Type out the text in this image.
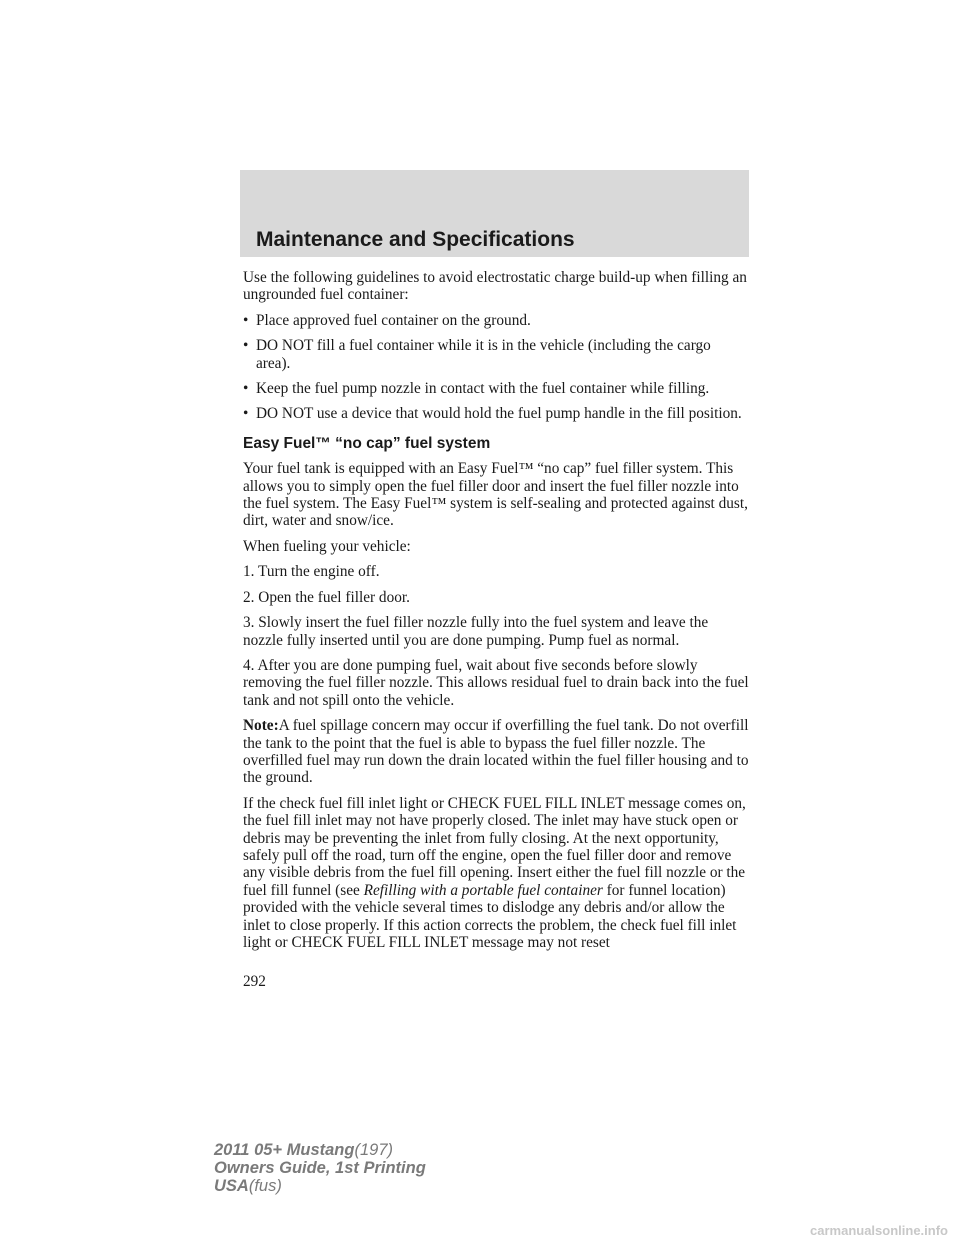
Maintenance and Specifications

Use the following guidelines to avoid electrostatic charge build-up when filling an ungrounded fuel container:

• Place approved fuel container on the ground.
• DO NOT fill a fuel container while it is in the vehicle (including the cargo area).
• Keep the fuel pump nozzle in contact with the fuel container while filling.
• DO NOT use a device that would hold the fuel pump handle in the fill position.
Easy Fuel™ “no cap” fuel system

Your fuel tank is equipped with an Easy Fuel™ “no cap” fuel filler system. This allows you to simply open the fuel filler door and insert the fuel filler nozzle into the fuel system. The Easy Fuel™ system is self-sealing and protected against dust, dirt, water and snow/ice.

When fueling your vehicle:

1. Turn the engine off.

2. Open the fuel filler door.

3. Slowly insert the fuel filler nozzle fully into the fuel system and leave the nozzle fully inserted until you are done pumping. Pump fuel as normal.

4. After you are done pumping fuel, wait about five seconds before slowly removing the fuel filler nozzle. This allows residual fuel to drain back into the fuel tank and not spill onto the vehicle.

Note:A fuel spillage concern may occur if overfilling the fuel tank. Do not overfill the tank to the point that the fuel is able to bypass the fuel filler nozzle. The overfilled fuel may run down the drain located within the fuel filler housing and to the ground.

If the check fuel fill inlet light or CHECK FUEL FILL INLET message comes on, the fuel fill inlet may not have properly closed. The inlet may have stuck open or debris may be preventing the inlet from fully closing. At the next opportunity, safely pull off the road, turn off the engine, open the fuel filler door and remove any visible debris from the fuel fill opening. Insert either the fuel fill nozzle or the fuel fill funnel (see Refilling with a portable fuel container for funnel location) provided with the vehicle several times to dislodge any debris and/or allow the inlet to close properly. If this action corrects the problem, the check fuel fill inlet light or CHECK FUEL FILL INLET message may not reset

292
2011 05+ Mustang(197)
Owners Guide, 1st Printing
USA(fus)
carmanualsonline.info
